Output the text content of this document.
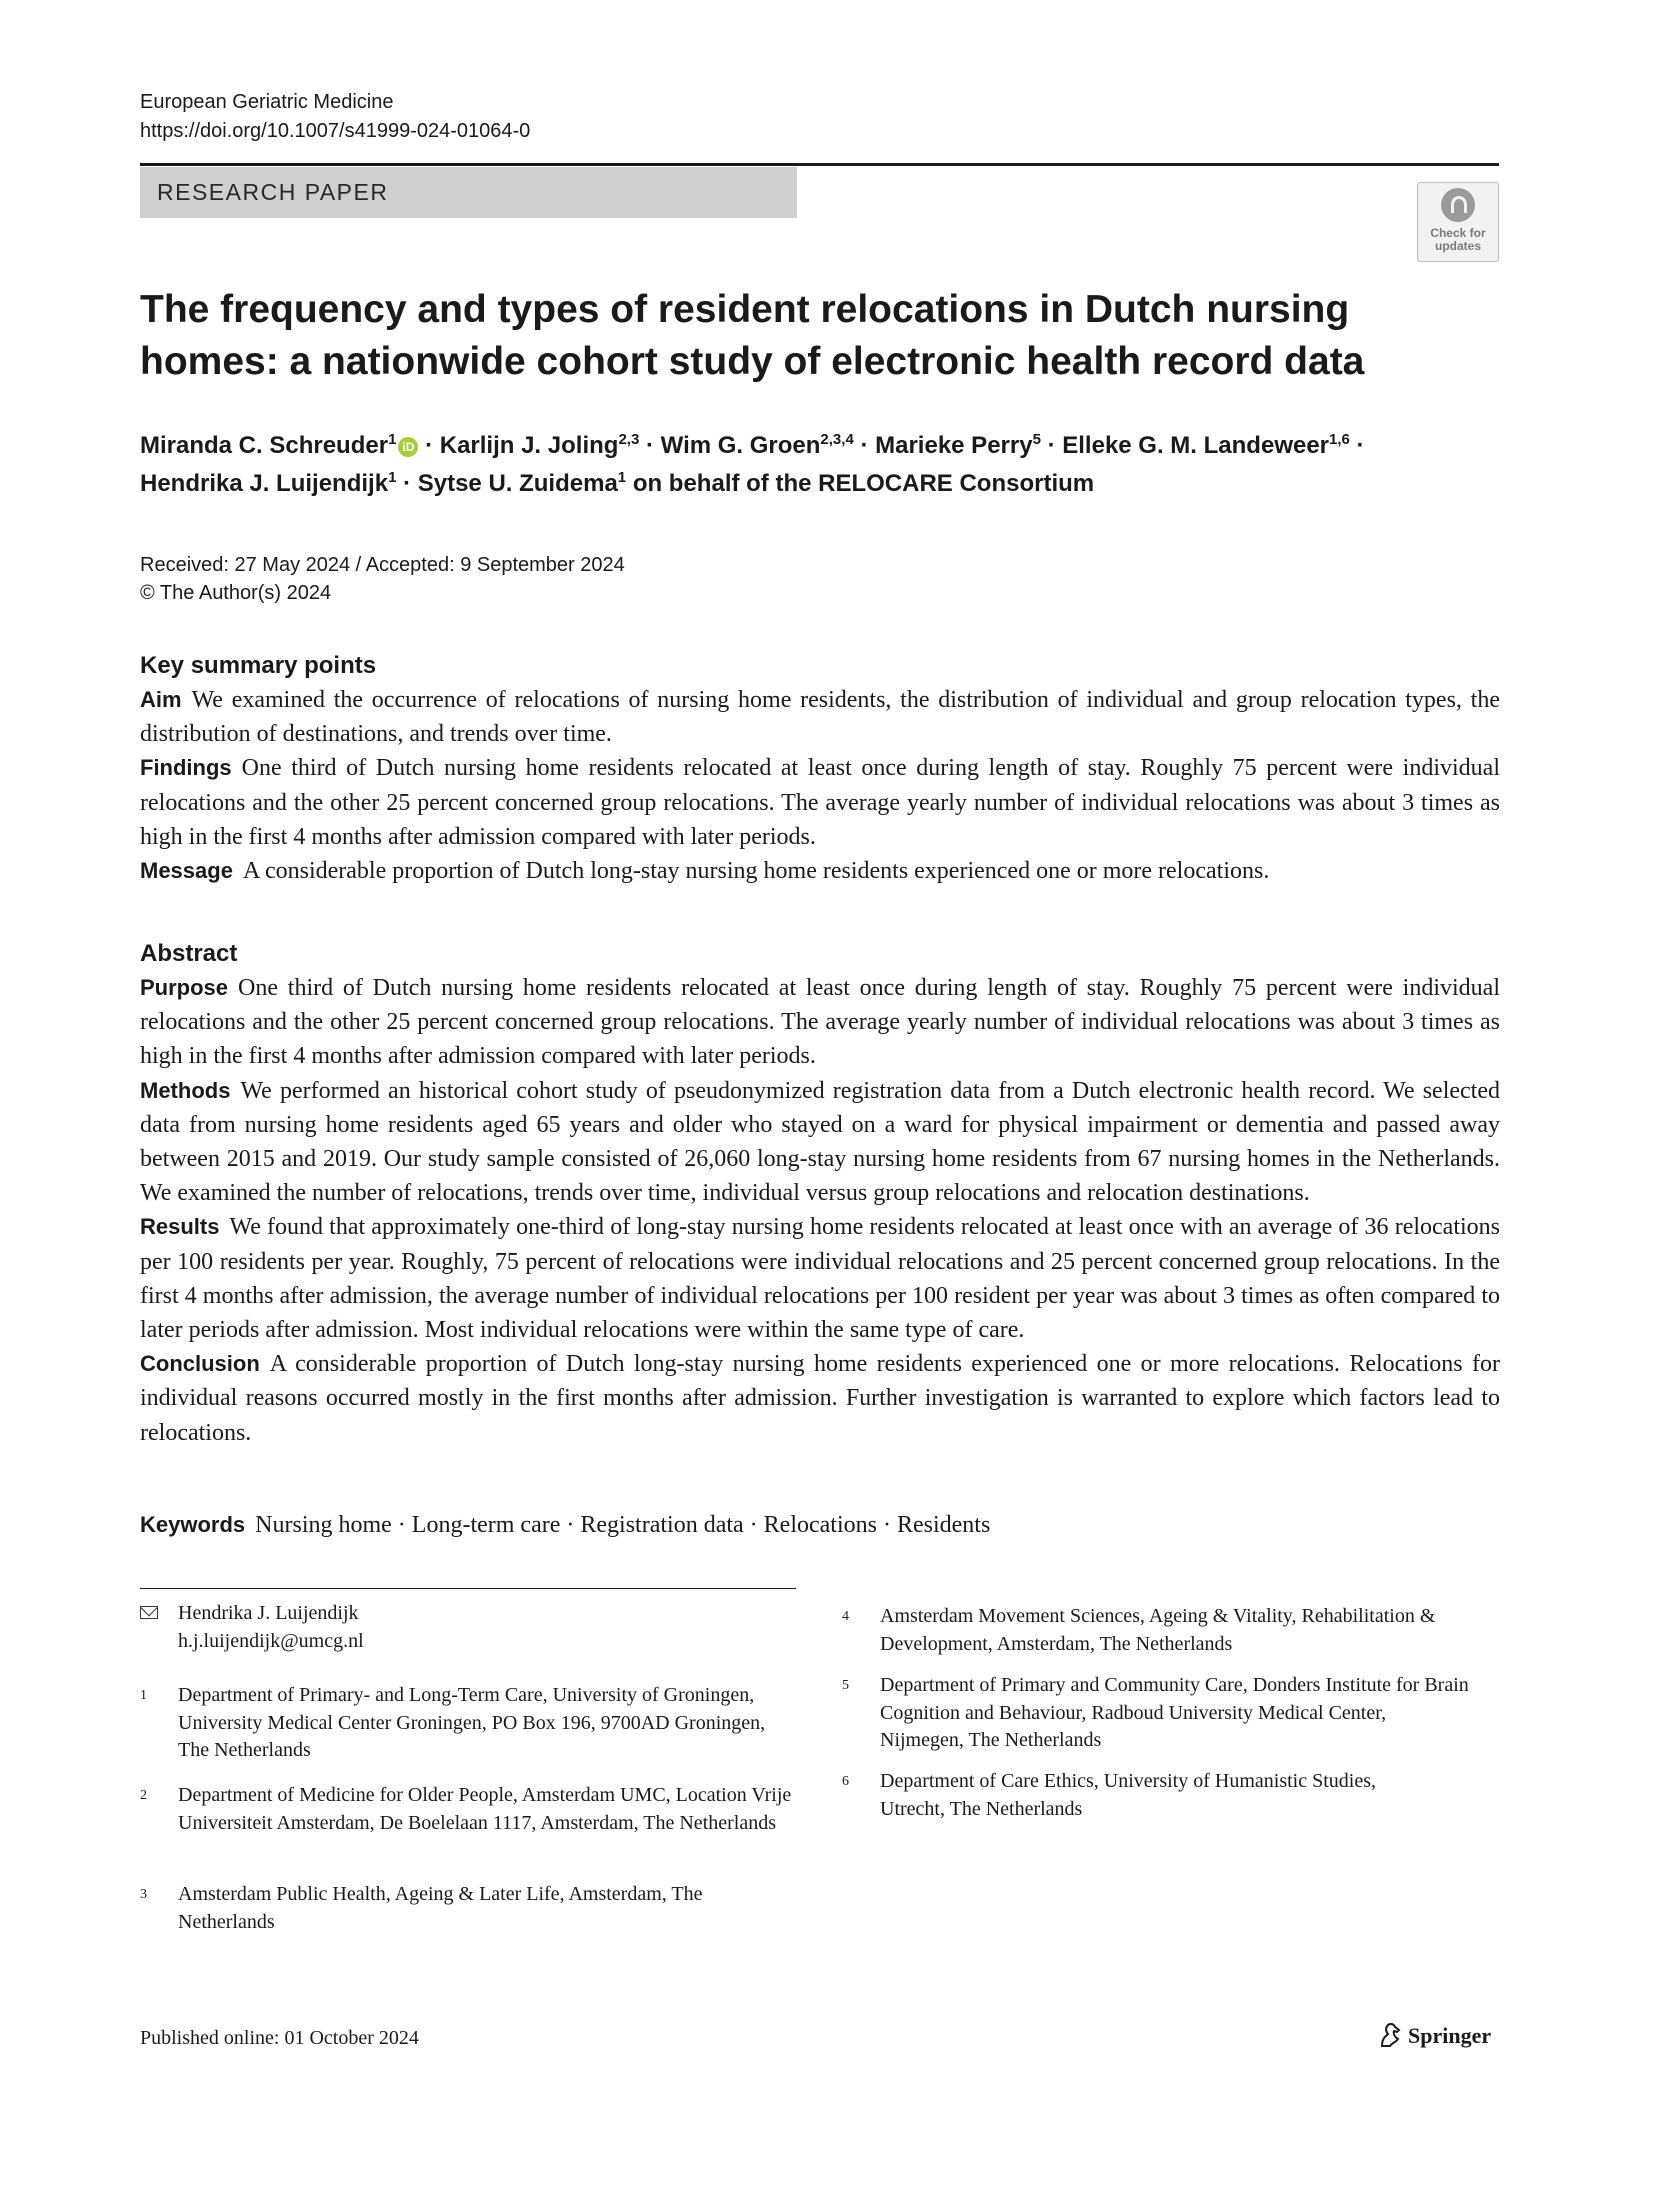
European Geriatric Medicine
https://doi.org/10.1007/s41999-024-01064-0
RESEARCH PAPER
Check for updates
The frequency and types of resident relocations in Dutch nursing homes: a nationwide cohort study of electronic health record data
Miranda C. Schreuder$^1$ iD · Karlijn J. Joling$^{2,3}$ · Wim G. Groen$^{2,3,4}$ · Marieke Perry$^5$ · Elleke G. M. Landeweer$^{1,6}$ ·
Hendrika J. Luijendijk$^1$ · Sytse U. Zuidema$^1$ on behalf of the RELOCARE Consortium
Received: 27 May 2024 / Accepted: 9 September 2024
© The Author(s) 2024
Key summary points
Aim We examined the occurrence of relocations of nursing home residents, the distribution of individual and group relocation types, the distribution of destinations, and trends over time.
Findings One third of Dutch nursing home residents relocated at least once during length of stay. Roughly 75 percent were individual relocations and the other 25 percent concerned group relocations. The average yearly number of individual relocations was about 3 times as high in the first 4 months after admission compared with later periods.
Message A considerable proportion of Dutch long-stay nursing home residents experienced one or more relocations.
Abstract
Purpose One third of Dutch nursing home residents relocated at least once during length of stay. Roughly 75 percent were individual relocations and the other 25 percent concerned group relocations. The average yearly number of individual relocations was about 3 times as high in the first 4 months after admission compared with later periods.
Methods We performed an historical cohort study of pseudonymized registration data from a Dutch electronic health record. We selected data from nursing home residents aged 65 years and older who stayed on a ward for physical impairment or dementia and passed away between 2015 and 2019. Our study sample consisted of 26,060 long-stay nursing home residents from 67 nursing homes in the Netherlands. We examined the number of relocations, trends over time, individual versus group relocations and relocation destinations.
Results We found that approximately one-third of long-stay nursing home residents relocated at least once with an average of 36 relocations per 100 residents per year. Roughly, 75 percent of relocations were individual relocations and 25 percent concerned group relocations. In the first 4 months after admission, the average number of individual relocations per 100 resident per year was about 3 times as often compared to later periods after admission. Most individual relocations were within the same type of care.
Conclusion A considerable proportion of Dutch long-stay nursing home residents experienced one or more relocations. Relocations for individual reasons occurred mostly in the first months after admission. Further investigation is warranted to explore which factors lead to relocations.
Keywords Nursing home · Long-term care · Registration data · Relocations · Residents
Hendrika J. Luijendijk
h.j.luijendijk@umcg.nl
1 Department of Primary- and Long-Term Care, University of Groningen, University Medical Center Groningen, PO Box 196, 9700AD Groningen, The Netherlands
2 Department of Medicine for Older People, Amsterdam UMC, Location Vrije Universiteit Amsterdam, De Boelelaan 1117, Amsterdam, The Netherlands
3 Amsterdam Public Health, Ageing & Later Life, Amsterdam, The Netherlands
4 Amsterdam Movement Sciences, Ageing & Vitality, Rehabilitation & Development, Amsterdam, The Netherlands
5 Department of Primary and Community Care, Donders Institute for Brain Cognition and Behaviour, Radboud University Medical Center, Nijmegen, The Netherlands
6 Department of Care Ethics, University of Humanistic Studies, Utrecht, The Netherlands
Published online: 01 October 2024	Springer
